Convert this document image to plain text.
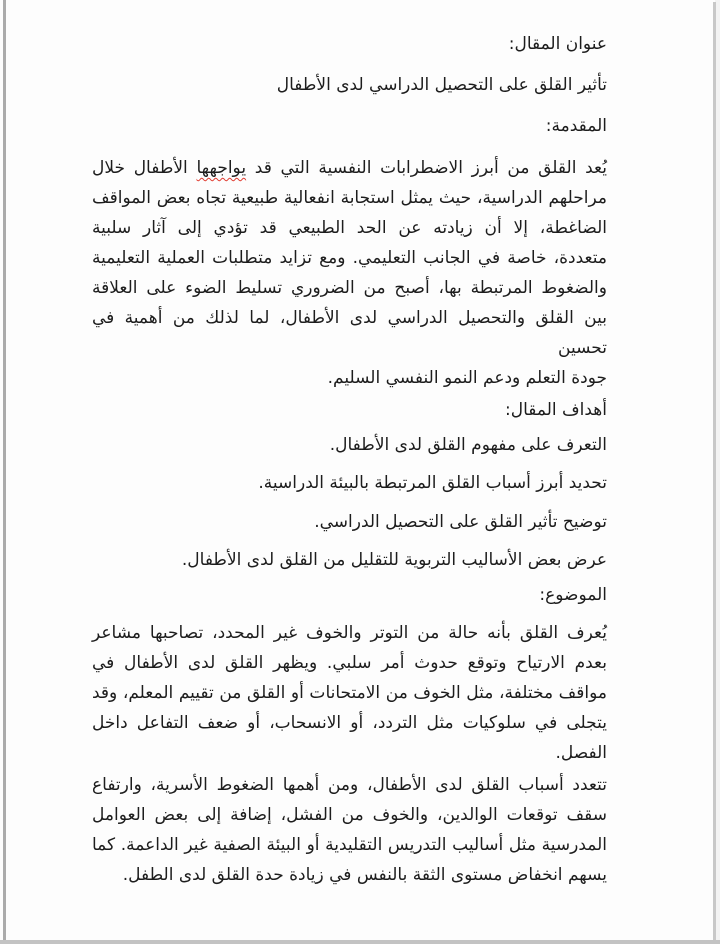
عنوان المقال:
تأثير القلق على التحصيل الدراسي لدى الأطفال
المقدمة:
يُعد القلق من أبرز الاضطرابات النفسية التي قد يواجهها الأطفال خلال
مراحلهم الدراسية، حيث يمثل استجابة انفعالية طبيعية تجاه بعض المواقف
الضاغطة، إلا أن زيادته عن الحد الطبيعي قد تؤدي إلى آثار سلبية
متعددة، خاصة في الجانب التعليمي. ومع تزايد متطلبات العملية التعليمية
والضغوط المرتبطة بها، أصبح من الضروري تسليط الضوء على العلاقة
بين القلق والتحصيل الدراسي لدى الأطفال، لما لذلك من أهمية في تحسين
جودة التعلم ودعم النمو النفسي السليم.
أهداف المقال:
التعرف على مفهوم القلق لدى الأطفال.
تحديد أبرز أسباب القلق المرتبطة بالبيئة الدراسية.
توضيح تأثير القلق على التحصيل الدراسي.
عرض بعض الأساليب التربوية للتقليل من القلق لدى الأطفال.
الموضوع:
يُعرف القلق بأنه حالة من التوتر والخوف غير المحدد، تصاحبها مشاعر
بعدم الارتياح وتوقع حدوث أمر سلبي. ويظهر القلق لدى الأطفال في
مواقف مختلفة، مثل الخوف من الامتحانات أو القلق من تقييم المعلم، وقد
يتجلى في سلوكيات مثل التردد، أو الانسحاب، أو ضعف التفاعل داخل
الفصل.
تتعدد أسباب القلق لدى الأطفال، ومن أهمها الضغوط الأسرية، وارتفاع
سقف توقعات الوالدين، والخوف من الفشل، إضافة إلى بعض العوامل
المدرسية مثل أساليب التدريس التقليدية أو البيئة الصفية غير الداعمة. كما
يسهم انخفاض مستوى الثقة بالنفس في زيادة حدة القلق لدى الطفل.
